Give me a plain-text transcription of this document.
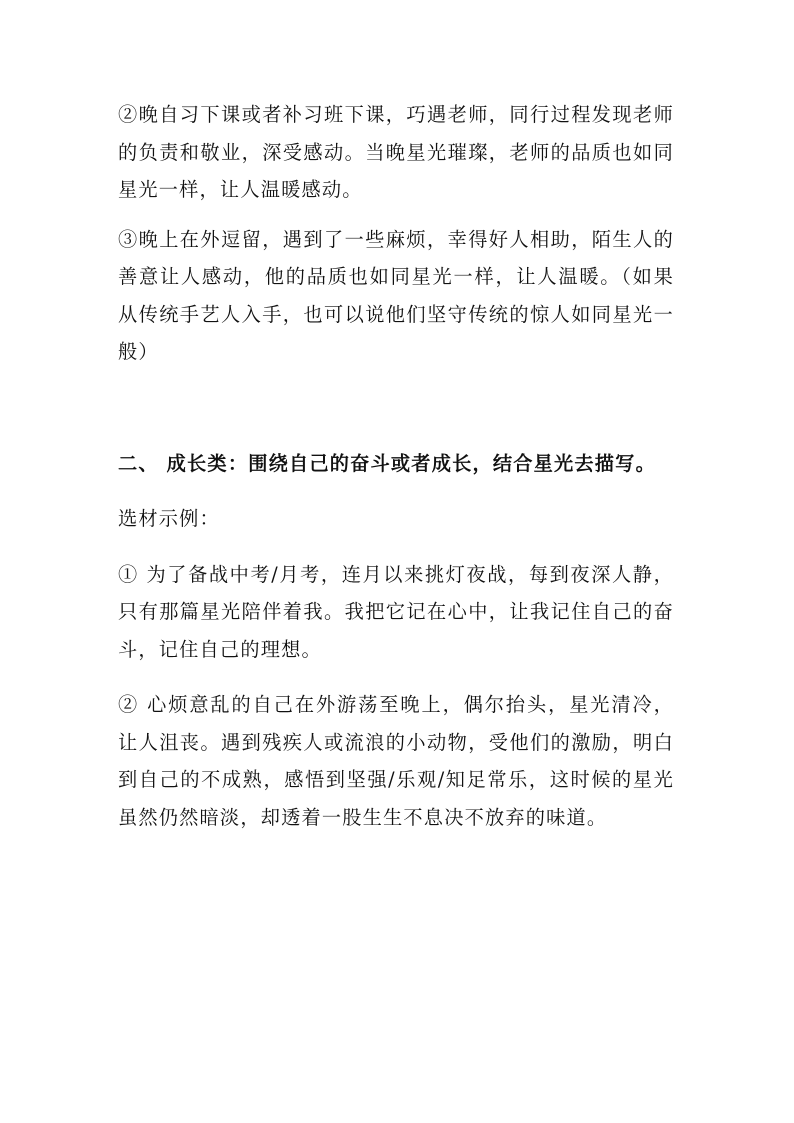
②晚自习下课或者补习班下课，巧遇老师，同行过程发现老师的负责和敬业，深受感动。当晚星光璀璨，老师的品质也如同星光一样，让人温暖感动。

③晚上在外逗留，遇到了一些麻烦，幸得好人相助，陌生人的善意让人感动，他的品质也如同星光一样，让人温暖。（如果从传统手艺人入手，也可以说他们坚守传统的惊人如同星光一般）

二、 成长类：围绕自己的奋斗或者成长，结合星光去描写。

选材示例：

① 为了备战中考/月考，连月以来挑灯夜战，每到夜深人静，只有那篇星光陪伴着我。我把它记在心中，让我记住自己的奋斗，记住自己的理想。

② 心烦意乱的自己在外游荡至晚上，偶尔抬头，星光清冷，让人沮丧。遇到残疾人或流浪的小动物，受他们的激励，明白到自己的不成熟，感悟到坚强/乐观/知足常乐，这时候的星光虽然仍然暗淡，却透着一股生生不息决不放弃的味道。
